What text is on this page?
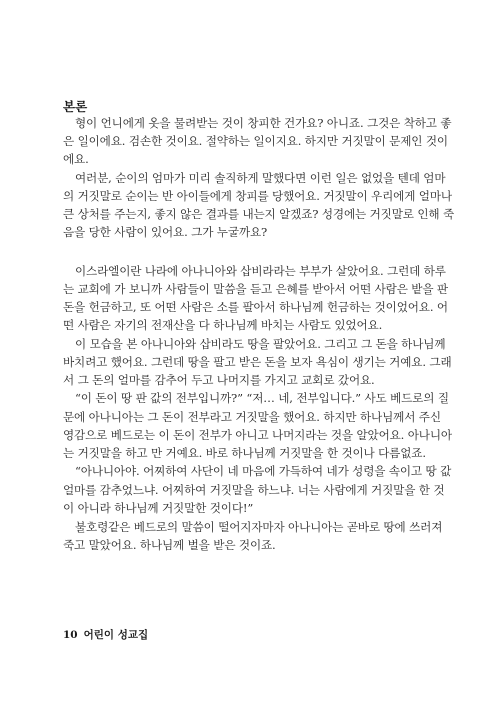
본론
형이 언니에게 옷을 물려받는 것이 창피한 건가요? 아니죠. 그것은 착하고 좋
은 일이에요. 검손한 것이요. 절약하는 일이지요. 하지만 거짓말이 문제인 것이
에요.
여러분, 순이의 엄마가 미리 솔직하게 말했다면 이런 일은 없었을 텐데 엄마
의 거짓말로 순이는 반 아이들에게 창피를 당했어요. 거짓말이 우리에게 얼마나
큰 상처를 주는지, 좋지 않은 결과를 내는지 알겠죠? 성경에는 거짓말로 인해 죽
음을 당한 사람이 있어요. 그가 누굴까요?
이스라엘이란 나라에 아나니아와 삽비라라는 부부가 살았어요. 그런데 하루
는 교회에 가 보니까 사람들이 말씀을 듣고 은혜를 받아서 어떤 사람은 밭을 판
돈을 헌금하고, 또 어떤 사람은 소를 팔아서 하나님께 헌금하는 것이었어요. 어
떤 사람은 자기의 전재산을 다 하나님께 바치는 사람도 있었어요.
이 모습을 본 아나니아와 삽비라도 땅을 팔았어요. 그리고 그 돈을 하나님께
바치려고 했어요. 그런데 땅을 팔고 받은 돈을 보자 욕심이 생기는 거예요. 그래
서 그 돈의 얼마를 감추어 두고 나머지를 가지고 교회로 갔어요.
“이 돈이 땅 판 값의 전부입니까?” “저… 네, 전부입니다.” 사도 베드로의 질
문에 아나니아는 그 돈이 전부라고 거짓말을 했어요. 하지만 하나님께서 주신
영감으로 베드로는 이 돈이 전부가 아니고 나머지라는 것을 알았어요. 아나니아
는 거짓말을 하고 만 거예요. 바로 하나님께 거짓말을 한 것이나 다름없죠.
“아나니아야. 어찌하여 사단이 네 마음에 가득하여 네가 성령을 속이고 땅 값
얼마를 감추었느냐. 어찌하여 거짓말을 하느냐. 너는 사람에게 거짓말을 한 것
이 아니라 하나님께 거짓말한 것이다!”
불호령같은 베드로의 말씀이 떨어지자마자 아나니아는 곧바로 땅에 쓰러져
죽고 말았어요. 하나님께 벌을 받은 것이죠.
10 어린이 성교집
